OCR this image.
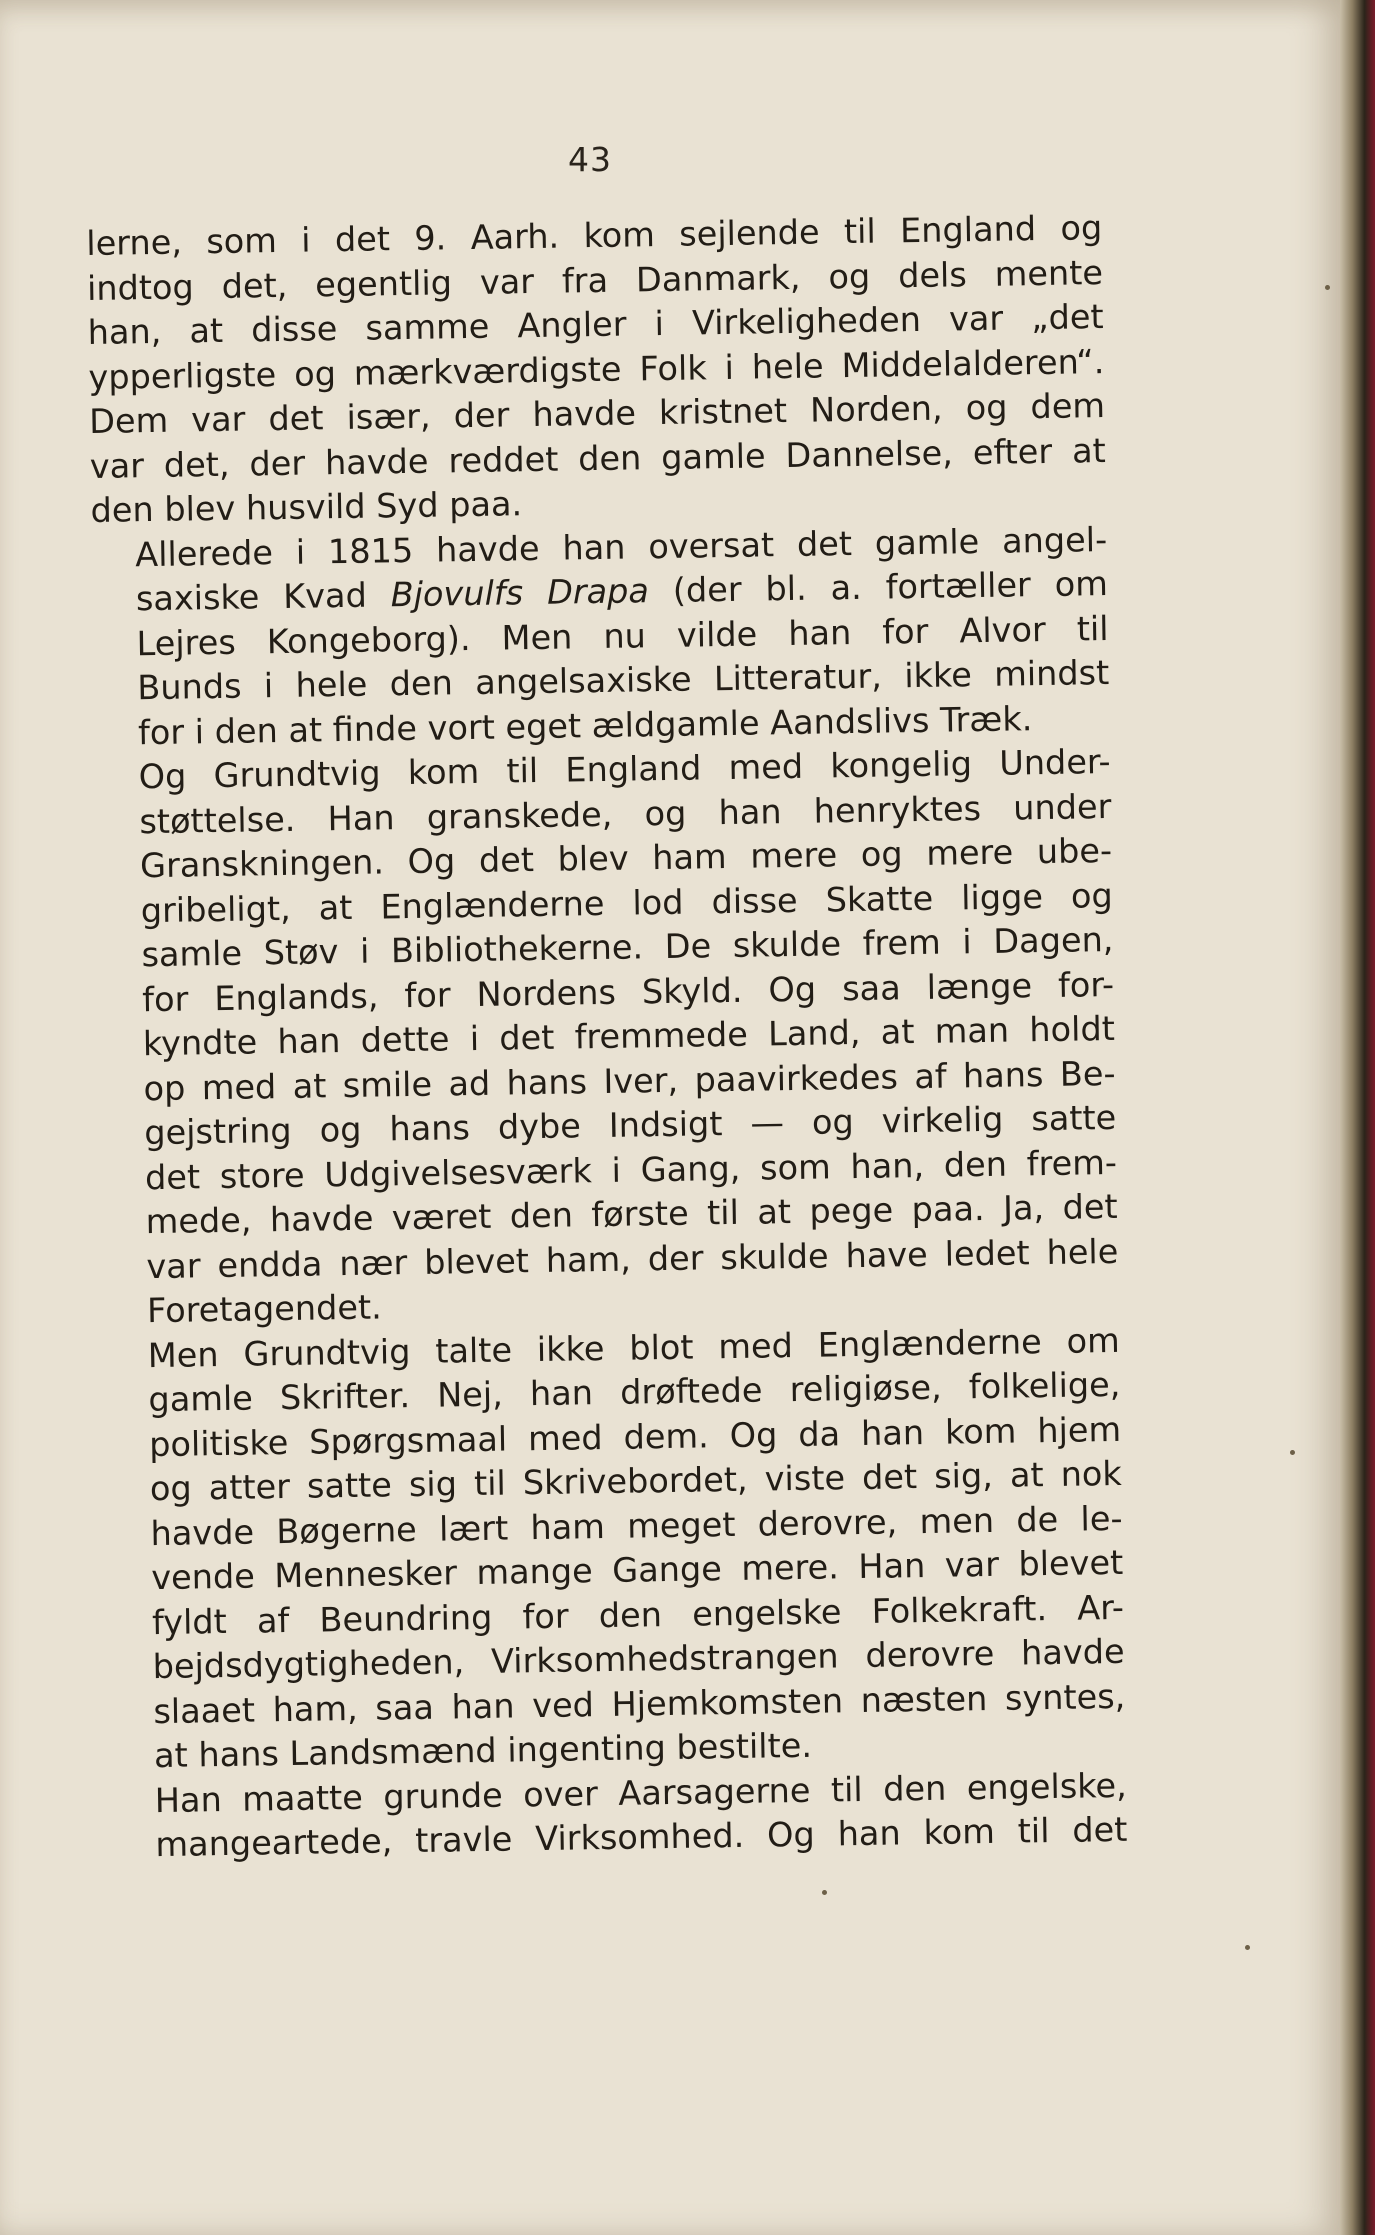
43

lerne, som i det 9. Aarh. kom sejlende til England og
indtog det, egentlig var fra Danmark, og dels mente
han, at disse samme Angler i Virkeligheden var „det
ypperligste og mærkværdigste Folk i hele Middelalderen“.
Dem var det især, der havde kristnet Norden, og dem
var det, der havde reddet den gamle Dannelse, efter at
den blev husvild Syd paa.

Allerede i 1815 havde han oversat det gamle angel-
saxiske Kvad Bjovulfs Drapa (der bl. a. fortæller om
Lejres Kongeborg). Men nu vilde han for Alvor til
Bunds i hele den angelsaxiske Litteratur, ikke mindst
for i den at finde vort eget ældgamle Aandslivs Træk.

Og Grundtvig kom til England med kongelig Under-
støttelse. Han granskede, og han henryktes under
Granskningen. Og det blev ham mere og mere ube-
gribeligt, at Englænderne lod disse Skatte ligge og
samle Støv i Bibliothekerne. De skulde frem i Dagen,
for Englands, for Nordens Skyld. Og saa længe for-
kyndte han dette i det fremmede Land, at man holdt
op med at smile ad hans Iver, paavirkedes af hans Be-
gejstring og hans dybe Indsigt — og virkelig satte
det store Udgivelsesværk i Gang, som han, den frem-
mede, havde været den første til at pege paa. Ja, det
var endda nær blevet ham, der skulde have ledet hele
Foretagendet.

Men Grundtvig talte ikke blot med Englænderne om
gamle Skrifter. Nej, han drøftede religiøse, folkelige,
politiske Spørgsmaal med dem. Og da han kom hjem
og atter satte sig til Skrivebordet, viste det sig, at nok
havde Bøgerne lært ham meget derovre, men de le-
vende Mennesker mange Gange mere. Han var blevet
fyldt af Beundring for den engelske Folkekraft. Ar-
bejdsdygtigheden, Virksomhedstrangen derovre havde
slaaet ham, saa han ved Hjemkomsten næsten syntes,
at hans Landsmænd ingenting bestilte.

Han maatte grunde over Aarsagerne til den engelske,
mangeartede, travle Virksomhed. Og han kom til det
